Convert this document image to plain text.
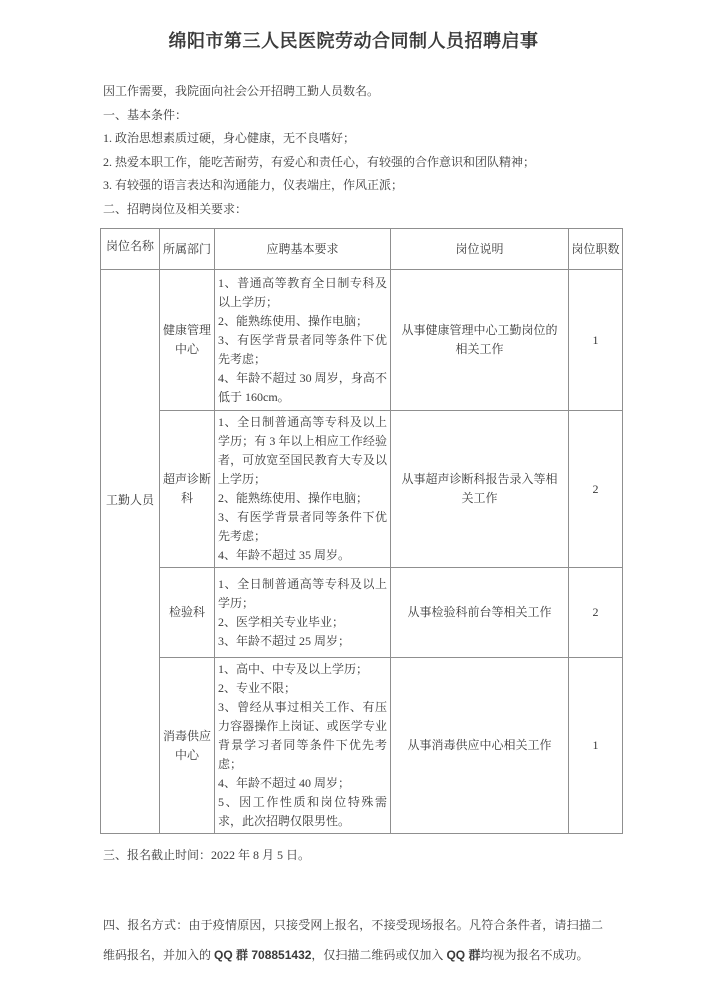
绵阳市第三人民医院劳动合同制人员招聘启事

因工作需要，我院面向社会公开招聘工勤人员数名。

一、基本条件：

1. 政治思想素质过硬，身心健康，无不良嗜好；

2. 热爱本职工作，能吃苦耐劳，有爱心和责任心，有较强的合作意识和团队精神；

3. 有较强的语言表达和沟通能力，仪表端庄，作风正派；

二、招聘岗位及相关要求：

岗位名称	所属部门	应聘基本要求	岗位说明	岗位职数
工勤人员	健康管理中心	1、普通高等教育全日制专科及以上学历；
2、能熟练使用、操作电脑；
3、有医学背景者同等条件下优先考虑；
4、年龄不超过 30 周岁，身高不低于 160cm。	从事健康管理中心工勤岗位的相关工作	1
	超声诊断科	1、全日制普通高等专科及以上学历；有 3 年以上相应工作经验者，可放宽至国民教育大专及以上学历；
2、能熟练使用、操作电脑；
3、有医学背景者同等条件下优先考虑；
4、年龄不超过 35 周岁。	从事超声诊断科报告录入等相关工作	2
	检验科	1、全日制普通高等专科及以上学历；
2、医学相关专业毕业；
3、年龄不超过 25 周岁；	从事检验科前台等相关工作	2
	消毒供应中心	1、高中、中专及以上学历；
2、专业不限；
3、曾经从事过相关工作、有压力容器操作上岗证、或医学专业背景学习者同等条件下优先考虑；
4、年龄不超过 40 周岁；
5、因工作性质和岗位特殊需求，此次招聘仅限男性。	从事消毒供应中心相关工作	1

三、报名截止时间：2022 年 8 月 5 日。

四、报名方式：由于疫情原因，只接受网上报名，不接受现场报名。凡符合条件者，请扫描二维码报名，并加入的 QQ 群 708851432，仅扫描二维码或仅加入 QQ 群均视为报名不成功。
